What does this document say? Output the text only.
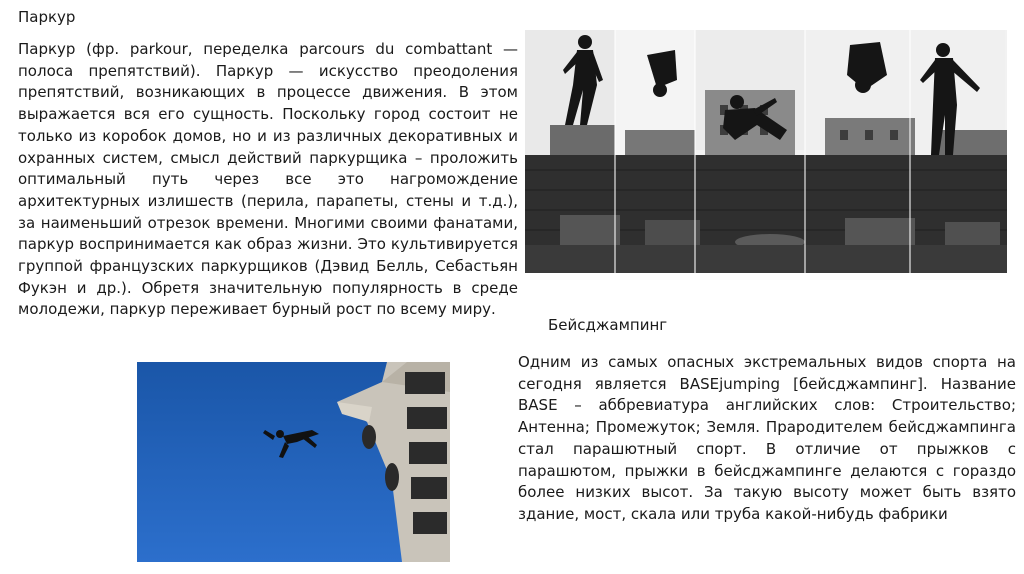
Паркур

Паркур (фр. parkour, переделка parcours du combattant — полоса препятствий). Паркур — искусство преодоления препятствий, возникающих в процессе движения. В этом выражается вся его сущность. Поскольку город состоит не только из коробок домов, но и из различных декоративных и охранных систем, смысл действий паркурщика – проложить оптимальный путь через все это нагромождение архитектурных излишеств (перила, парапеты, стены и т.д.), за наименьший отрезок времени. Многими своими фанатами, паркур воспринимается как образ жизни. Это культивируется группой французских паркурщиков (Дэвид Белль, Себастьян Фукэн и др.). Обретя значительную популярность в среде молодежи, паркур переживает бурный рост по всему миру.

Бейсджампинг

Одним из самых опасных экстремальных видов спорта на сегодня является BASEjumping [бейсджампинг]. Название BASE – аббревиатура английских слов: Строительство; Антенна; Промежуток; Земля. Прародителем бейсджампинга стал парашютный спорт. В отличие от прыжков с парашютом, прыжки в бейсджампинге делаются с гораздо более низких высот. За такую высоту может быть взято здание, мост, скала или труба какой-нибудь фабрики
